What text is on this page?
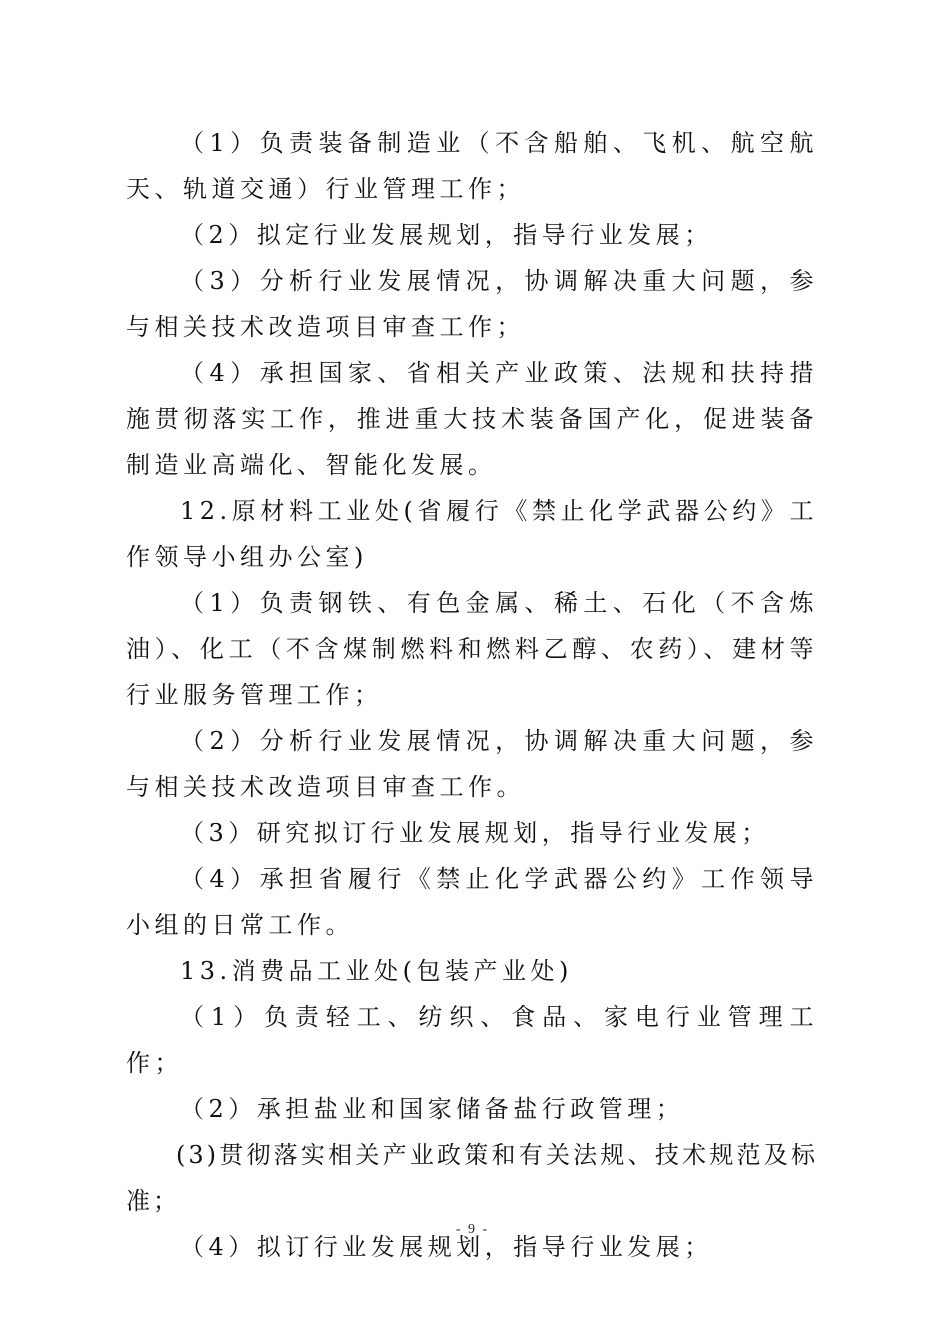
（1）负责装备制造业（不含船舶、飞机、航空航天、轨道交通）行业管理工作；

（2）拟定行业发展规划，指导行业发展；

（3）分析行业发展情况，协调解决重大问题，参与相关技术改造项目审查工作；

（4）承担国家、省相关产业政策、法规和扶持措施贯彻落实工作，推进重大技术装备国产化，促进装备制造业高端化、智能化发展。

12.原材料工业处(省履行《禁止化学武器公约》工作领导小组办公室)

（1）负责钢铁、有色金属、稀土、石化（不含炼油）、化工（不含煤制燃料和燃料乙醇、农药）、建材等行业服务管理工作；

（2）分析行业发展情况，协调解决重大问题，参与相关技术改造项目审查工作。

（3）研究拟订行业发展规划，指导行业发展；

（4）承担省履行《禁止化学武器公约》工作领导小组的日常工作。

13.消费品工业处(包装产业处)

（1）负责轻工、纺织、食品、家电行业管理工作；

（2）承担盐业和国家储备盐行政管理；

(3)贯彻落实相关产业政策和有关法规、技术规范及标准；

（4）拟订行业发展规划，指导行业发展；

- 9 -
